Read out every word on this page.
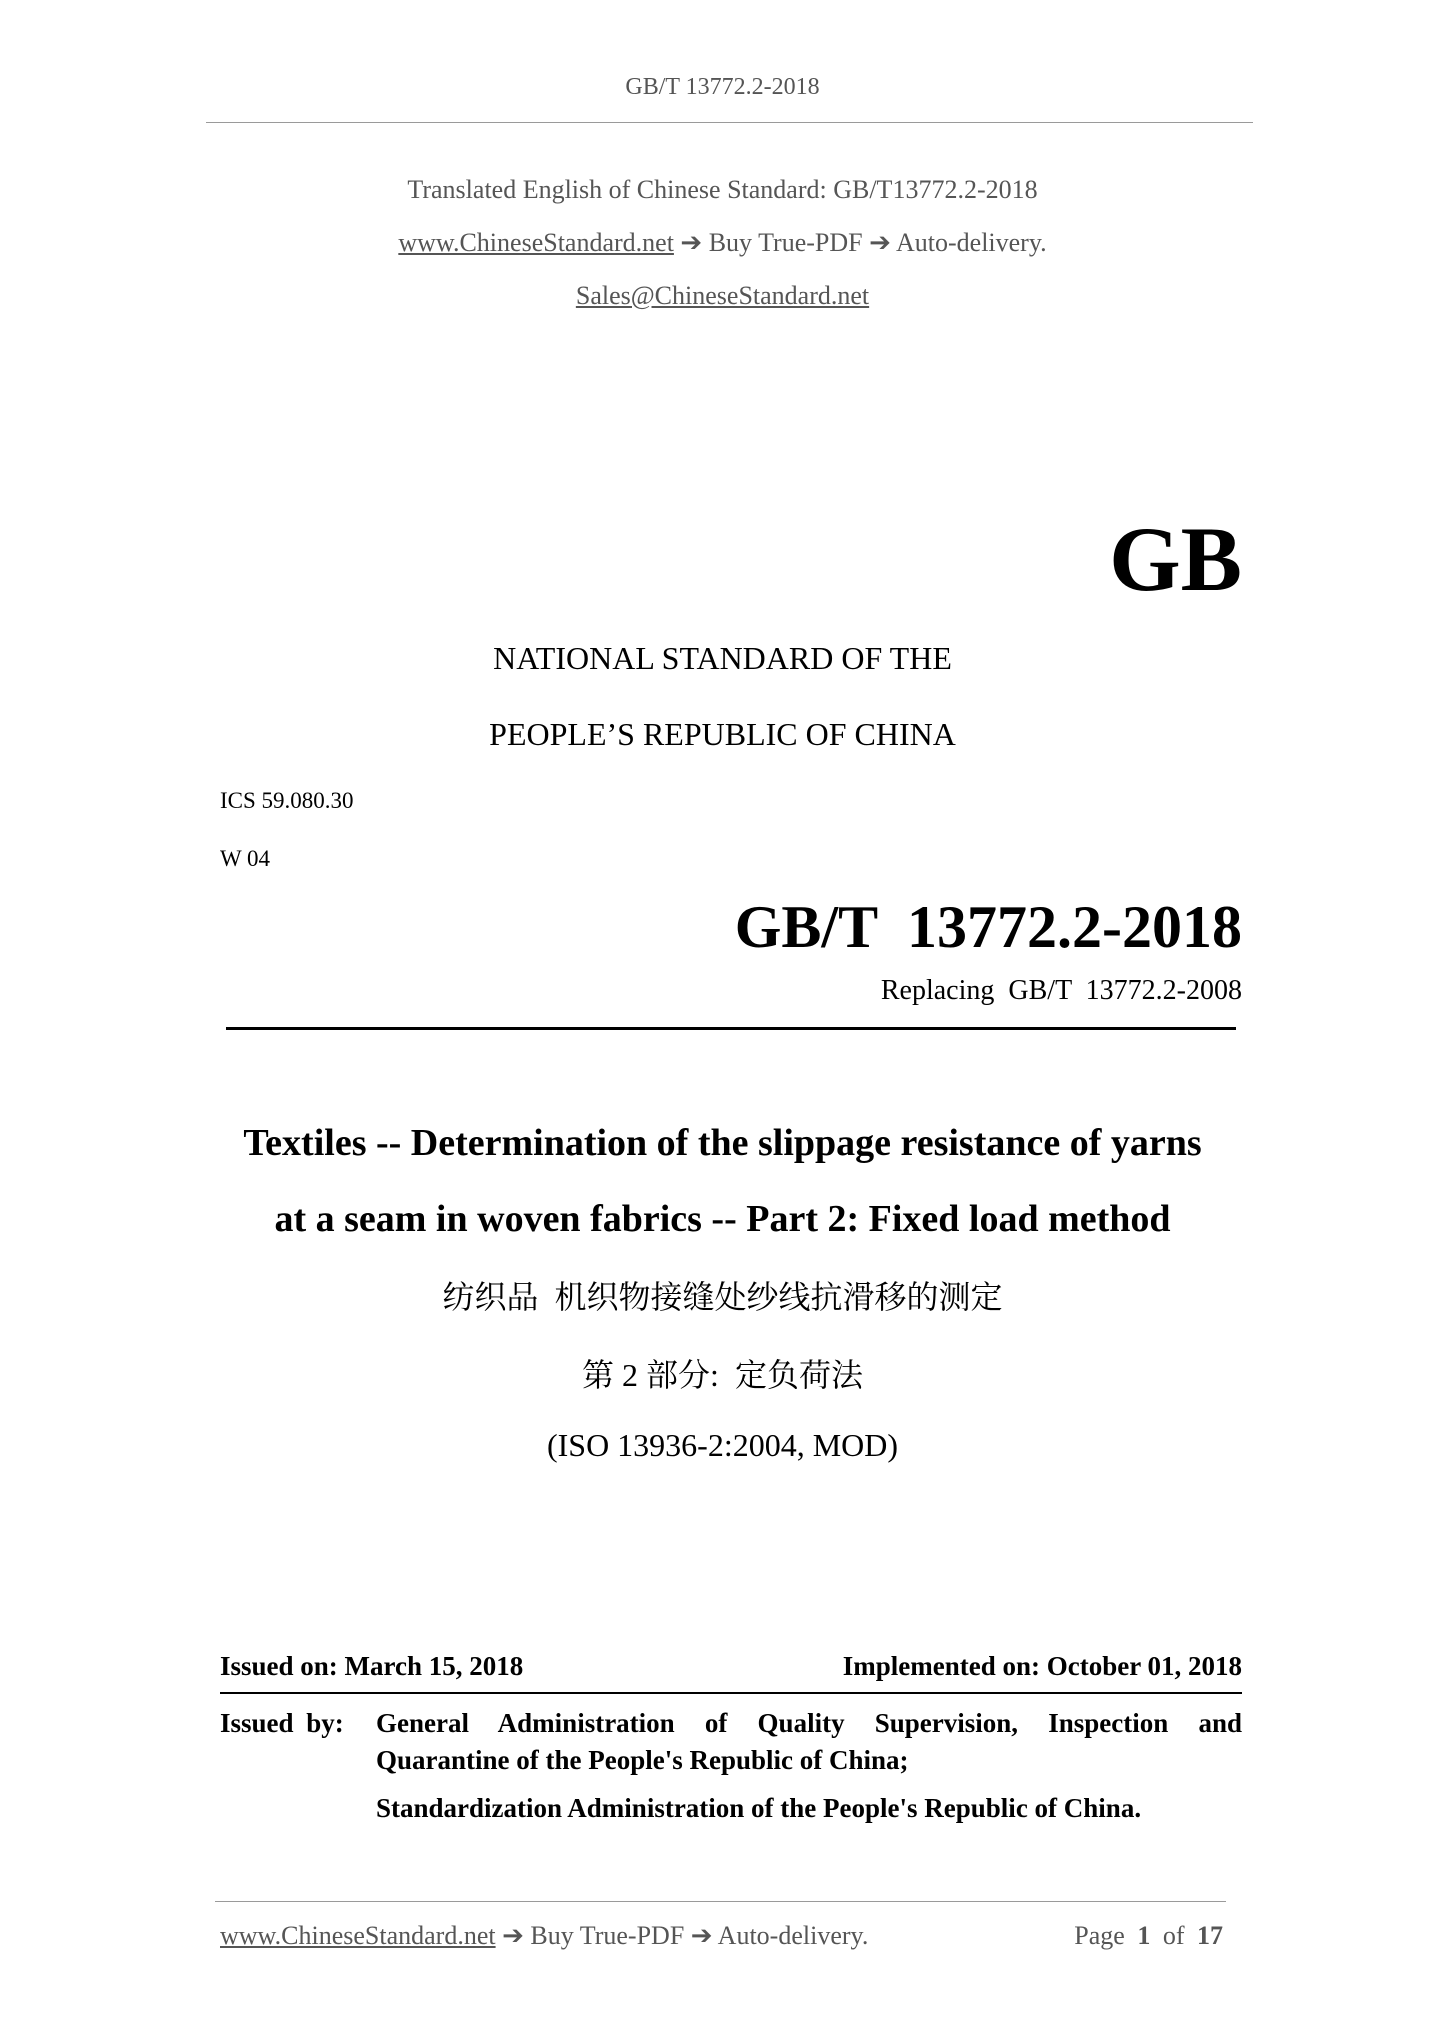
GB/T 13772.2-2018
Translated English of Chinese Standard: GB/T13772.2-2018
www.ChineseStandard.net ➔ Buy True-PDF ➔ Auto-delivery.
Sales@ChineseStandard.net
GB
NATIONAL STANDARD OF THE
PEOPLE’S REPUBLIC OF CHINA
ICS 59.080.30
W 04
GB/T  13772.2-2018
Replacing  GB/T  13772.2-2008
Textiles -- Determination of the slippage resistance of yarns
at a seam in woven fabrics -- Part 2: Fixed load method
纺织品  机织物接缝处纱线抗滑移的测定
第 2 部分:  定负荷法
(ISO 13936-2:2004, MOD)
Issued on: March 15, 2018	Implemented on: October 01, 2018
Issued by: General Administration of Quality Supervision, Inspection and
Quarantine of the People's Republic of China;
Standardization Administration of the People's Republic of China.
www.ChineseStandard.net ➔ Buy True-PDF ➔ Auto-delivery.	Page 1 of 17
